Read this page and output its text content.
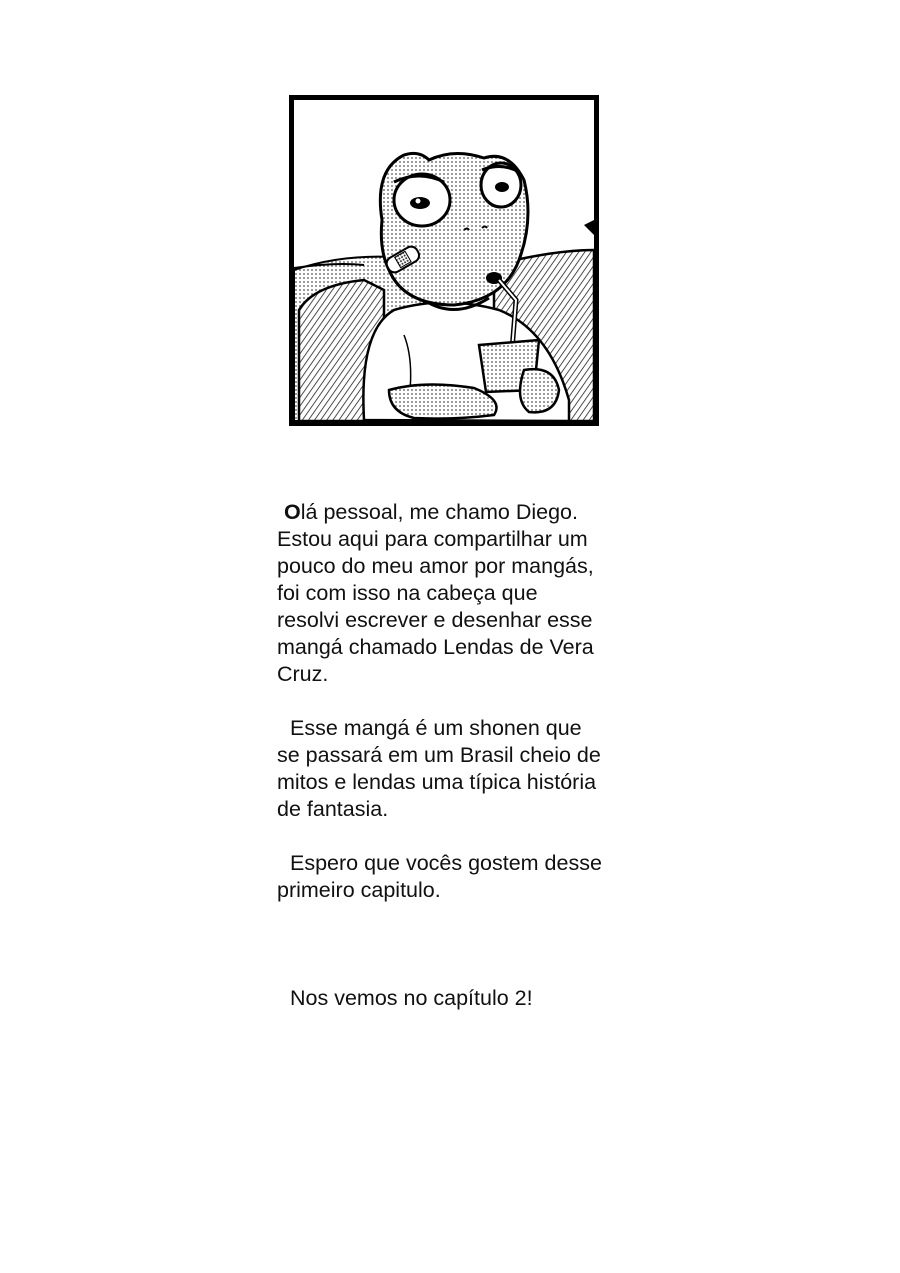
Olá pessoal, me chamo Diego.

Estou aqui para compartilhar um

pouco do meu amor por mangás,

foi com isso na cabeça que

resolvi escrever e desenhar esse

mangá chamado Lendas de Vera

Cruz.

Esse mangá é um shonen que

se passará em um Brasil cheio de

mitos e lendas uma típica história

de fantasia.

Espero que vocês gostem desse

primeiro capitulo.

Nos vemos no capítulo 2!
